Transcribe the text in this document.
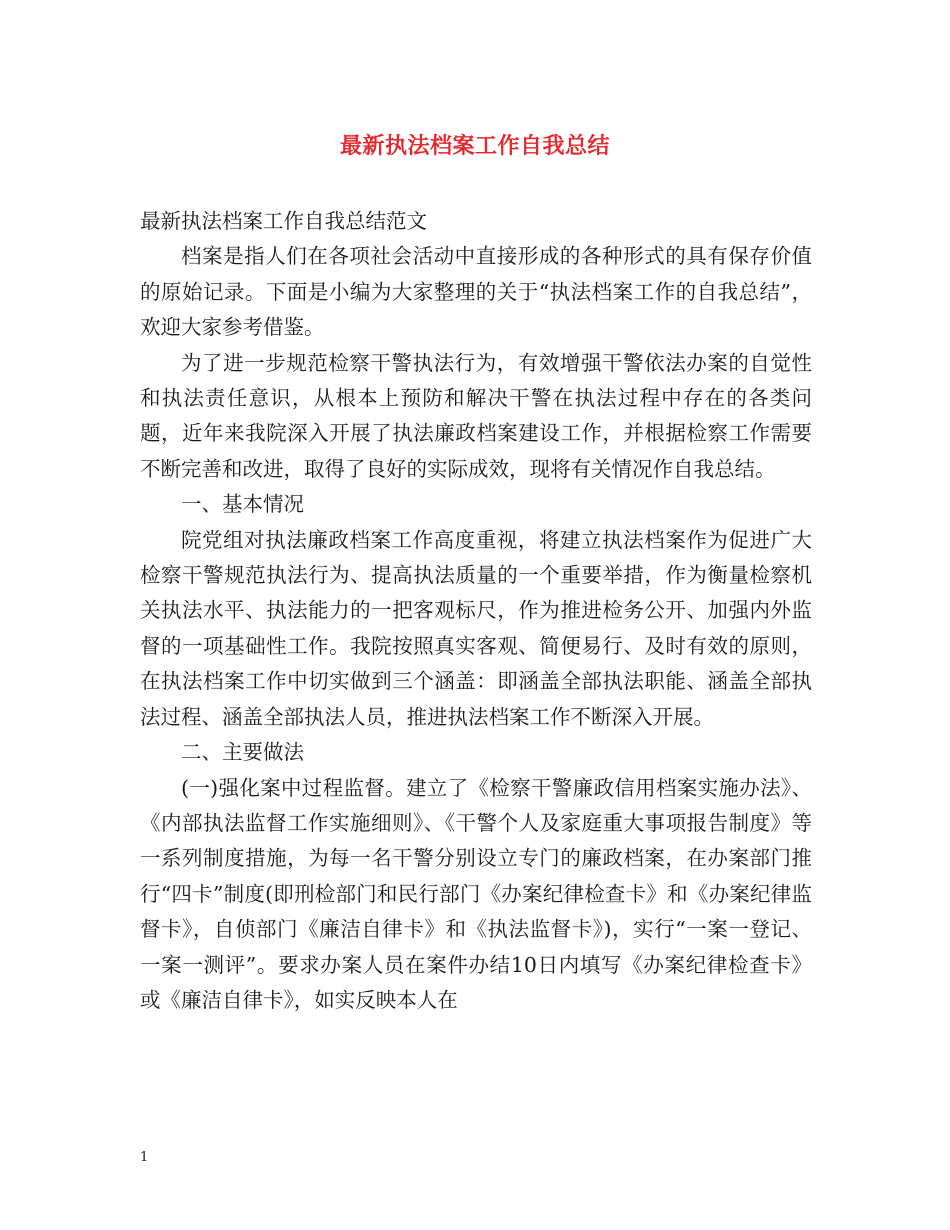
最新执法档案工作自我总结

最新执法档案工作自我总结范文

档案是指人们在各项社会活动中直接形成的各种形式的具有保存价值的原始记录。下面是小编为大家整理的关于“执法档案工作的自我总结”，欢迎大家参考借鉴。

为了进一步规范检察干警执法行为，有效增强干警依法办案的自觉性和执法责任意识，从根本上预防和解决干警在执法过程中存在的各类问题，近年来我院深入开展了执法廉政档案建设工作，并根据检察工作需要不断完善和改进，取得了良好的实际成效，现将有关情况作自我总结。

一、基本情况

院党组对执法廉政档案工作高度重视，将建立执法档案作为促进广大检察干警规范执法行为、提高执法质量的一个重要举措，作为衡量检察机关执法水平、执法能力的一把客观标尺，作为推进检务公开、加强内外监督的一项基础性工作。我院按照真实客观、简便易行、及时有效的原则，在执法档案工作中切实做到三个涵盖：即涵盖全部执法职能、涵盖全部执法过程、涵盖全部执法人员，推进执法档案工作不断深入开展。

二、主要做法

(一)强化案中过程监督。建立了《检察干警廉政信用档案实施办法》、《内部执法监督工作实施细则》、《干警个人及家庭重大事项报告制度》等一系列制度措施，为每一名干警分别设立专门的廉政档案，在办案部门推行“四卡”制度(即刑检部门和民行部门《办案纪律检查卡》和《办案纪律监督卡》，自侦部门《廉洁自律卡》和《执法监督卡》)，实行“一案一登记、一案一测评”。要求办案人员在案件办结10日内填写《办案纪律检查卡》或《廉洁自律卡》，如实反映本人在

1
